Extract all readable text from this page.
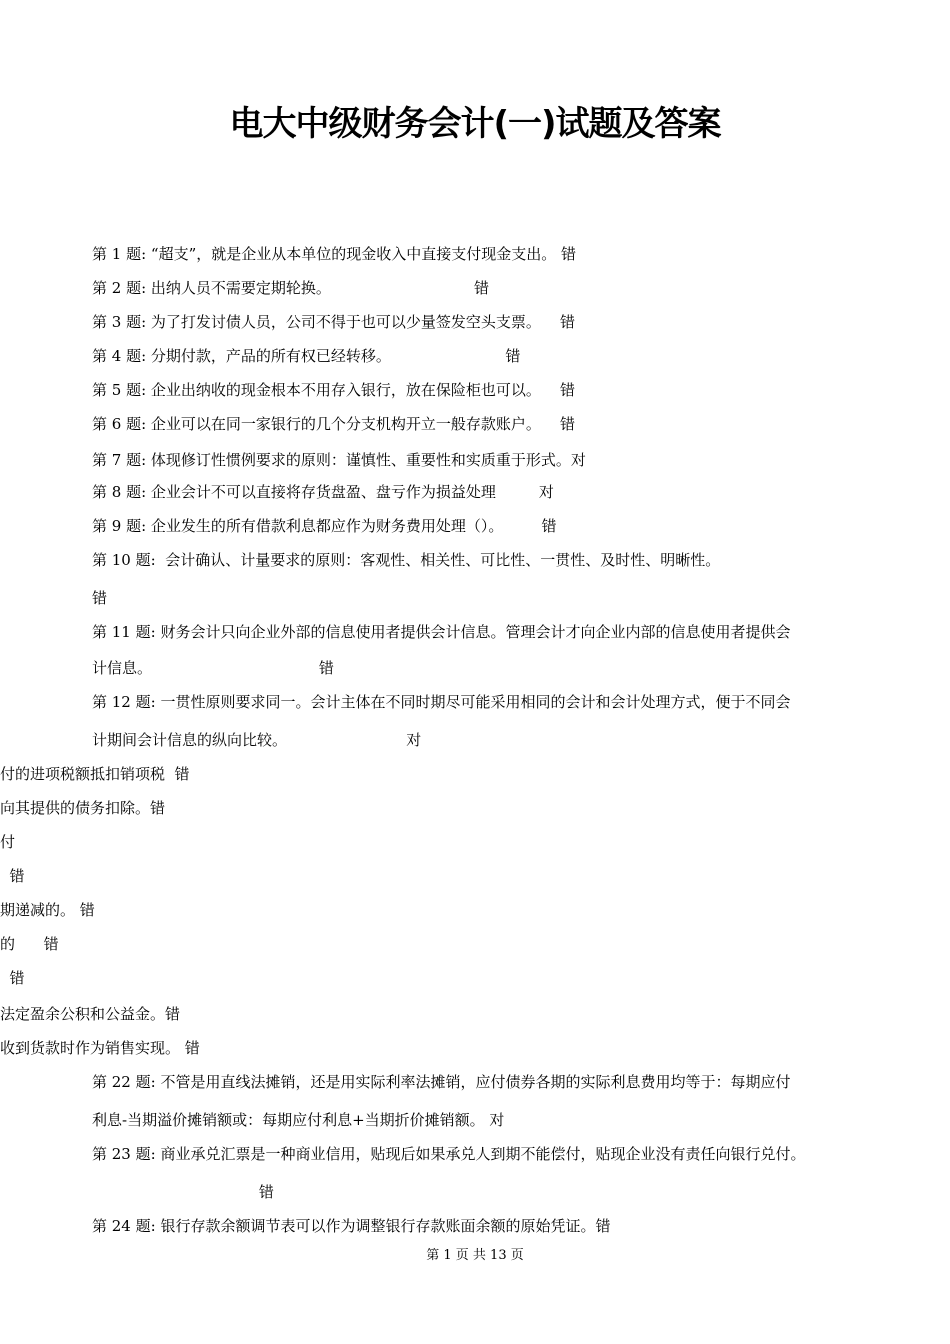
电大中级财务会计(一)试题及答案
第 1 题: “超支”，就是企业从本单位的现金收入中直接支付现金支出。 错
第 2 题: 出纳人员不需要定期轮换。                              错
第 3 题: 为了打发讨债人员，公司不得于也可以少量签发空头支票。    错
第 4 题: 分期付款，产品的所有权已经转移。                        错
第 5 题: 企业出纳收的现金根本不用存入银行，放在保险柜也可以。    错
第 6 题: 企业可以在同一家银行的几个分支机构开立一般存款账户。    错
第 7 题: 体现修订性惯例要求的原则：谨慎性、重要性和实质重于形式。对
第 8 题: 企业会计不可以直接将存货盘盈、盘亏作为损益处理         对
第 9 题: 企业发生的所有借款利息都应作为财务费用处理（）。        错
第 10 题:  会计确认、计量要求的原则：客观性、相关性、可比性、一贯性、及时性、明晰性。
错
第 11 题: 财务会计只向企业外部的信息使用者提供会计信息。管理会计才向企业内部的信息使用者提供会
计信息。                                   错
第 12 题: 一贯性原则要求同一。会计主体在不同时期尽可能采用相同的会计和会计处理方式，便于不同会
计期间会计信息的纵向比较。                         对
付的进项税额抵扣销项税  错
向其提供的债务扣除。错
付
错
期递减的。 错
的      错
错
法定盈余公积和公益金。错
收到货款时作为销售实现。 错
第 22 题: 不管是用直线法摊销，还是用实际利率法摊销，应付债券各期的实际利息费用均等于：每期应付
利息-当期溢价摊销额或：每期应付利息+当期折价摊销额。 对
第 23 题: 商业承兑汇票是一种商业信用，贴现后如果承兑人到期不能偿付，贴现企业没有责任向银行兑付。
错
第 24 题: 银行存款余额调节表可以作为调整银行存款账面余额的原始凭证。错
第 1 页 共 13 页
